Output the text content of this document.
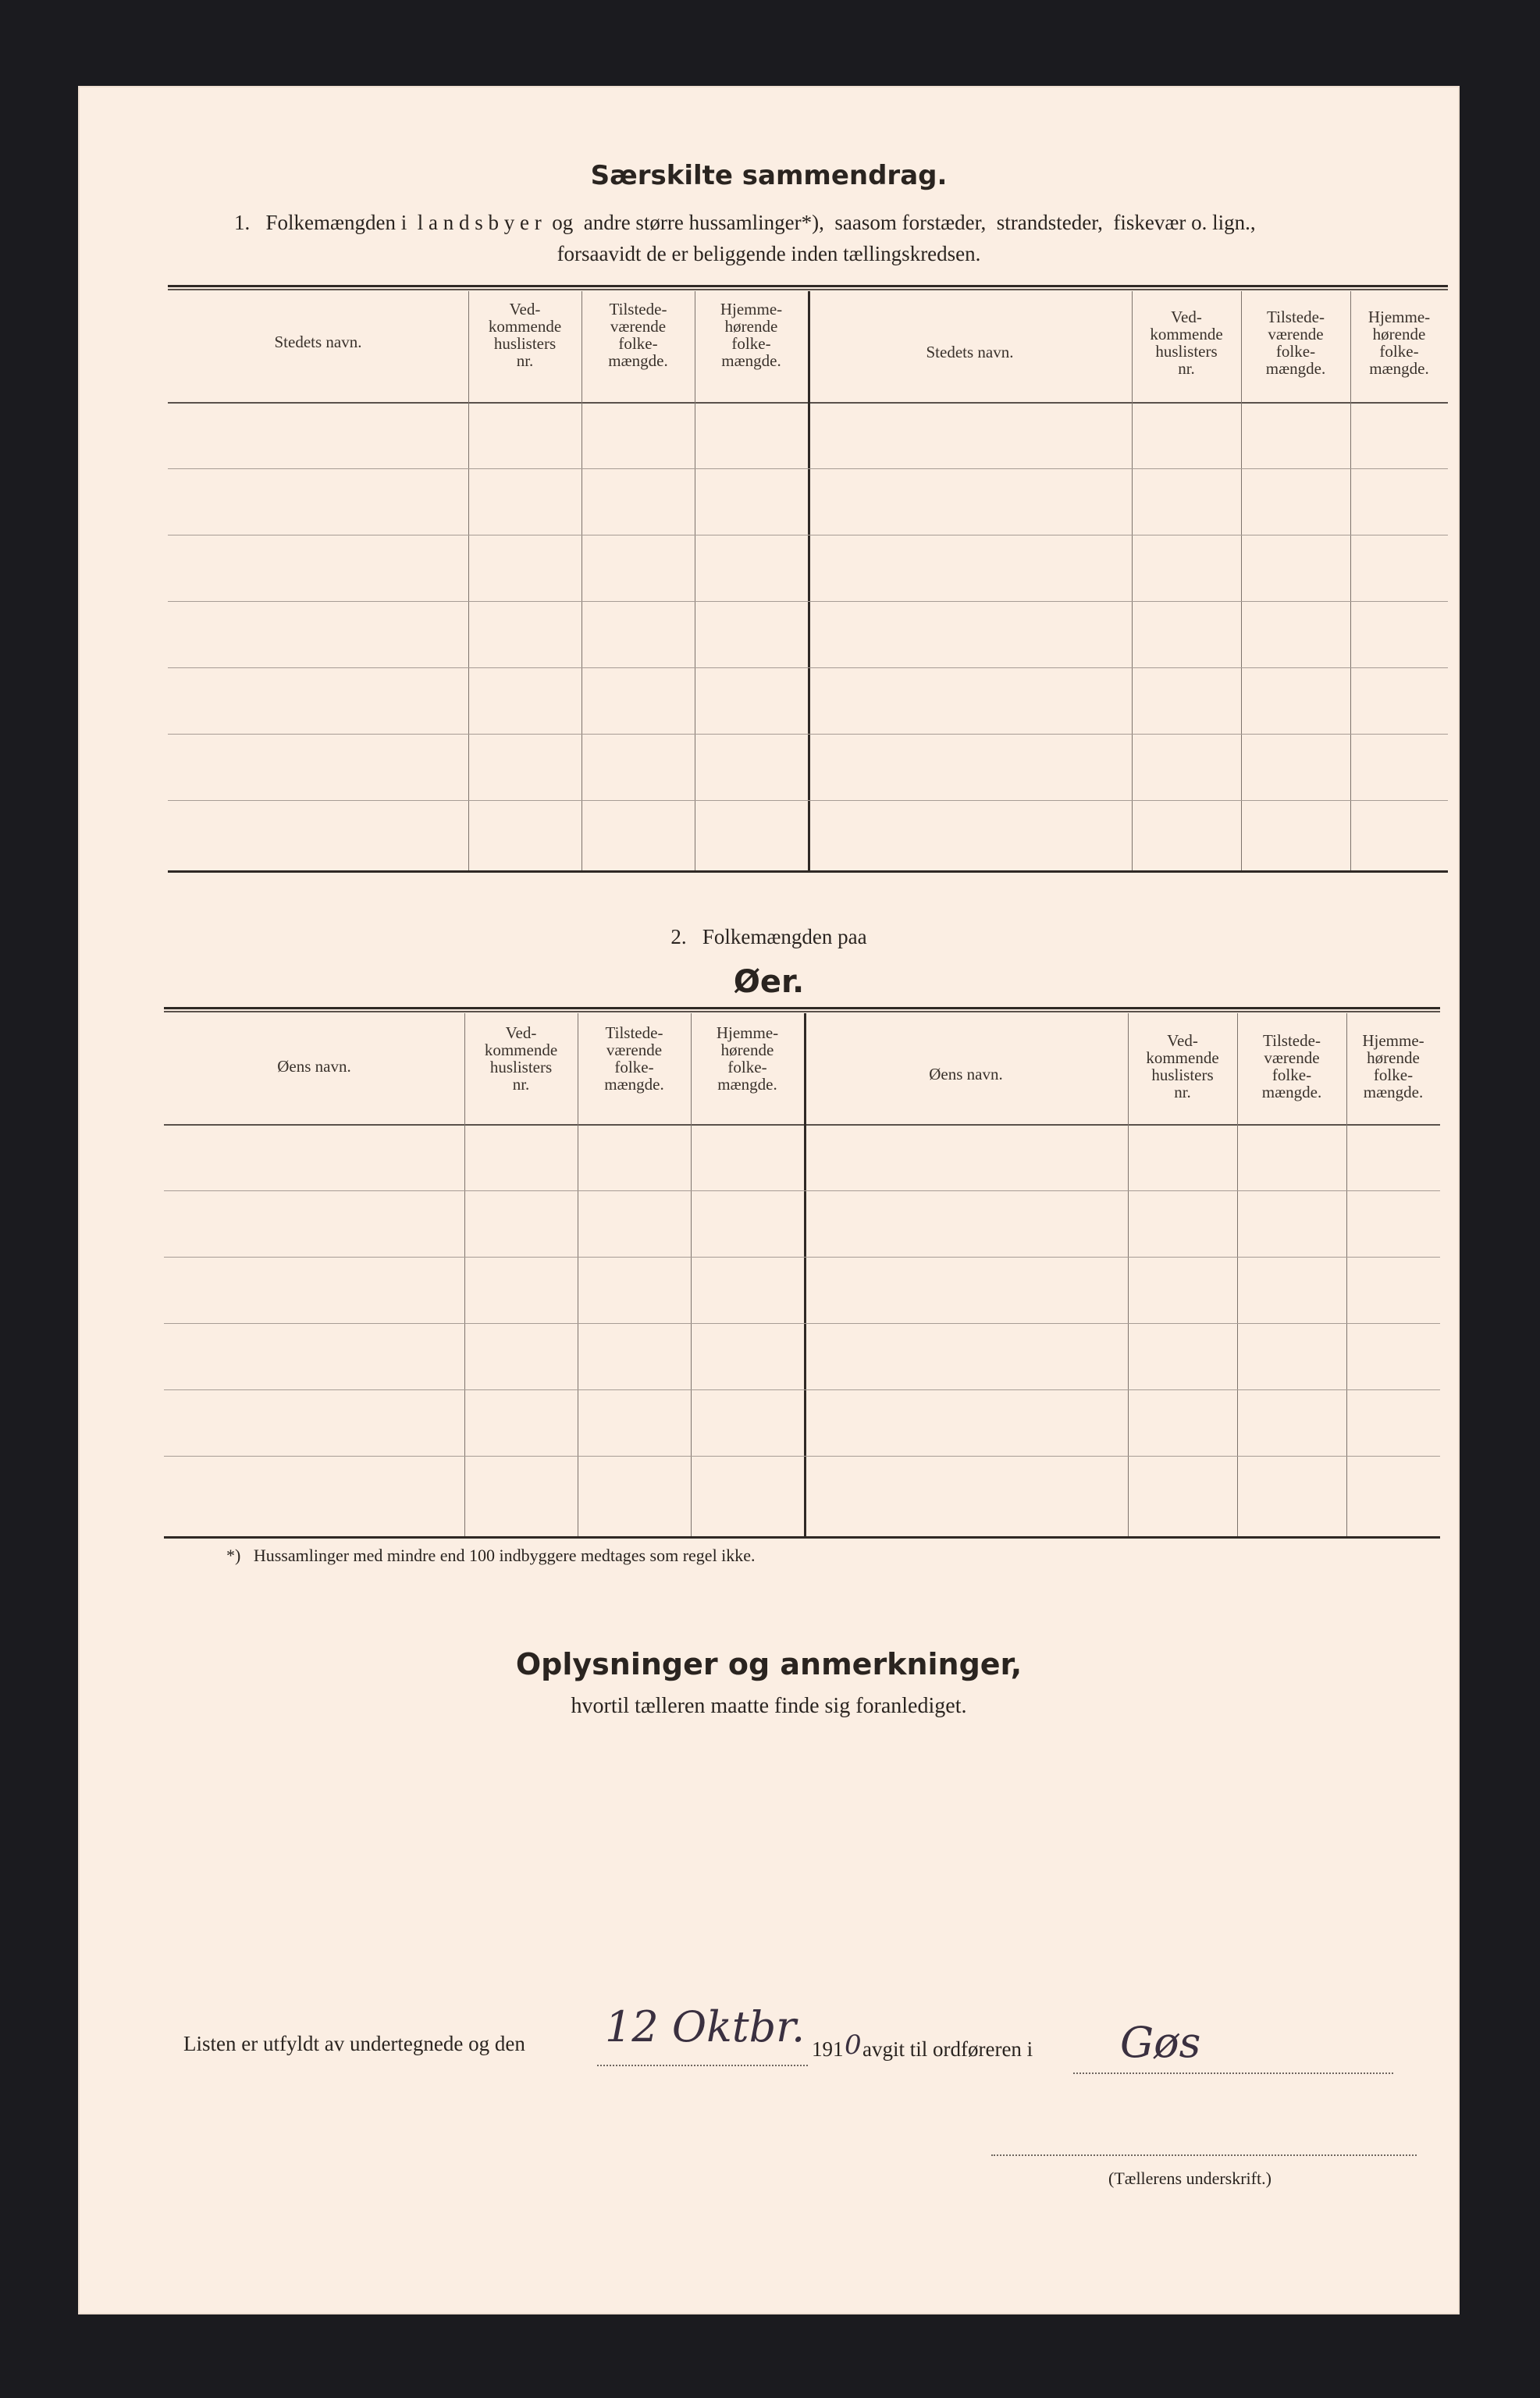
Særskilte sammendrag.
1.   Folkemængden i  l a n d s b y e r  og  andre større hussamlinger*),  saasom forstæder,  strandsteder,  fiskevær o. lign.,
forsaavidt de er beliggende inden tællingskredsen.
Stedets navn.
Ved-
kommende
huslisters
nr.
Tilstede-
værende
folke-
mængde.
Hjemme-
hørende
folke-
mængde.	Stedets navn.
Ved-
kommende
huslisters
nr.
Tilstede-
værende
folke-
mængde.
Hjemme-
hørende
folke-
mængde.
2.   Folkemængden paa
Øer.
Øens navn.
Ved-
kommende
huslisters
nr.
Tilstede-
værende
folke-
mængde.
Hjemme-
hørende
folke-
mængde.
Øens navn.
Ved-
kommende
huslisters
nr.
Tilstede-
værende
folke-
mængde.
Hjemme-
hørende
folke-
mængde.
*)   Hussamlinger med mindre end 100 indbyggere medtages som regel ikke.
Oplysninger og anmerkninger,
hvortil tælleren maatte finde sig foranlediget.
Listen er utfyldt av undertegnede og den 12 Oktbr. 191 0 avgit til ordføreren i Gøs
(Tællerens underskrift.)
